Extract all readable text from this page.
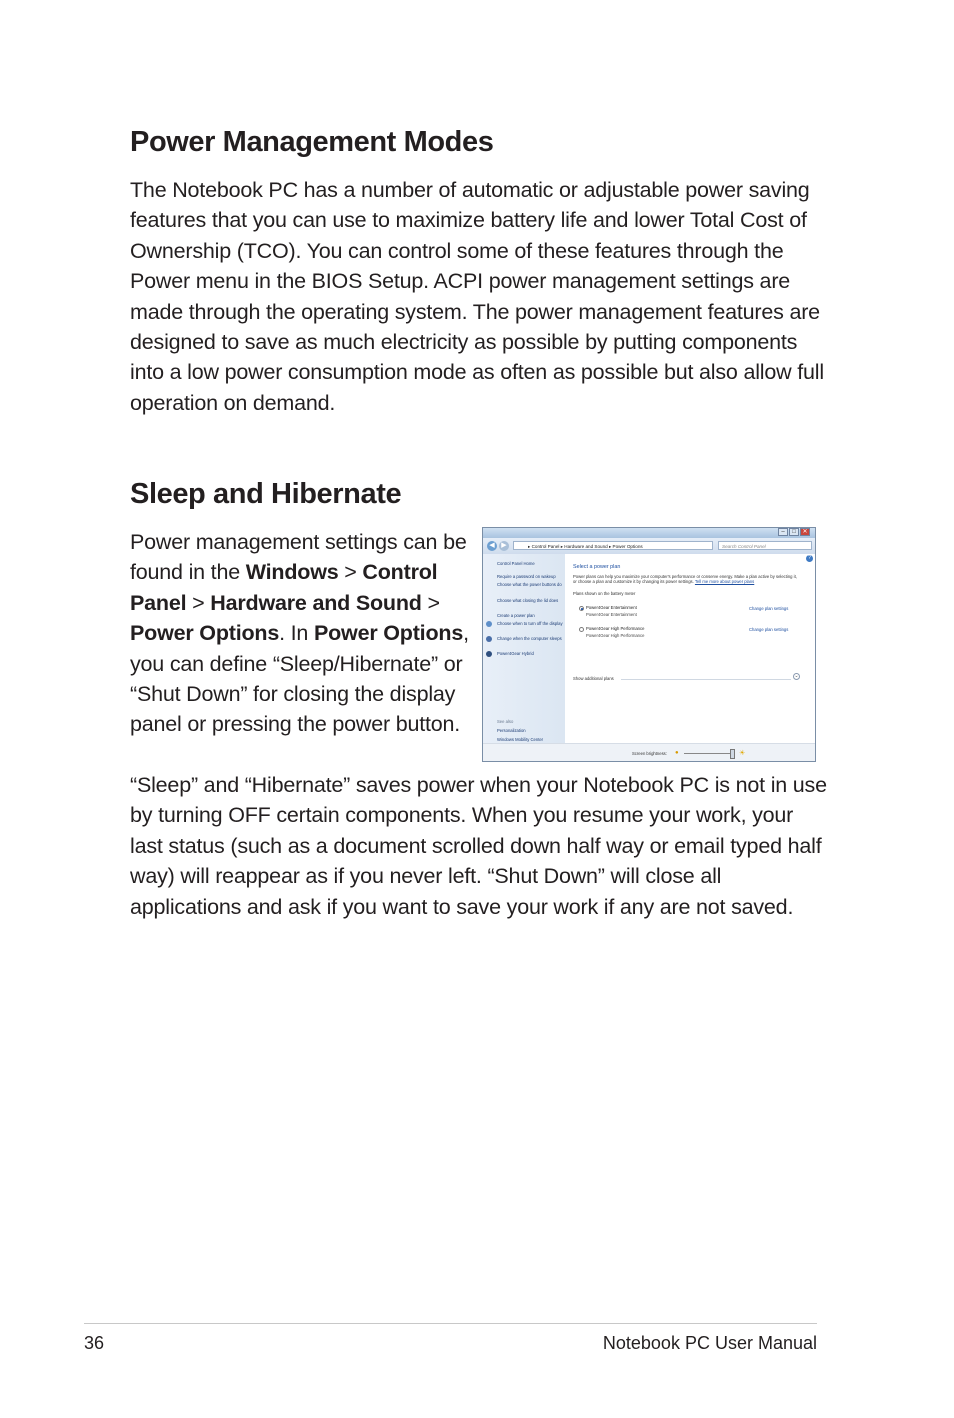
Power Management Modes

The Notebook PC has a number of automatic or adjustable power saving features that you can use to maximize battery life and lower Total Cost of Ownership (TCO). You can control some of these features through the Power menu in the BIOS Setup. ACPI power management settings are made through the operating system. The power management features are designed to save as much electricity as possible by putting components into a low power consumption mode as often as possible but also allow full operation on demand.

Sleep and Hibernate

Power management settings can be found in the Windows > Control Panel > Hardware and Sound > Power Options. In Power Options, you can define “Sleep/Hibernate” or “Shut Down” for closing the display panel or pressing the power button.

–	□	✕
◀ ▶	▸ Control Panel ▸ Hardware and Sound ▸ Power Options	Search Control Panel
Control Panel Home
Require a password on wakeup
Choose what the power buttons do
Choose what closing the lid does
Create a power plan
Choose when to turn off the display
Change when the computer sleeps
Power4Gear Hybrid
See also
Personalization
Windows Mobility Center
?
Select a power plan
Power plans can help you maximize your computer's performance or conserve energy. Make a plan active by selecting it, or choose a plan and customize it by changing its power settings. Tell me more about power plans
Plans shown on the battery meter
Power4Gear Entertainment
Power4Gear Entertainment
Change plan settings
Power4Gear High Performance
Power4Gear High Performance
Change plan settings
Show additional plans	⌄
Screen brightness: ●	☀

“Sleep” and “Hibernate” saves power when your Notebook PC is not in use by turning OFF certain components. When you resume your work, your last status (such as a document scrolled down half way or email typed half way) will reappear as if you never left. “Shut Down” will close all applications and ask if you want to save your work if any are not saved.

36	Notebook PC User Manual
